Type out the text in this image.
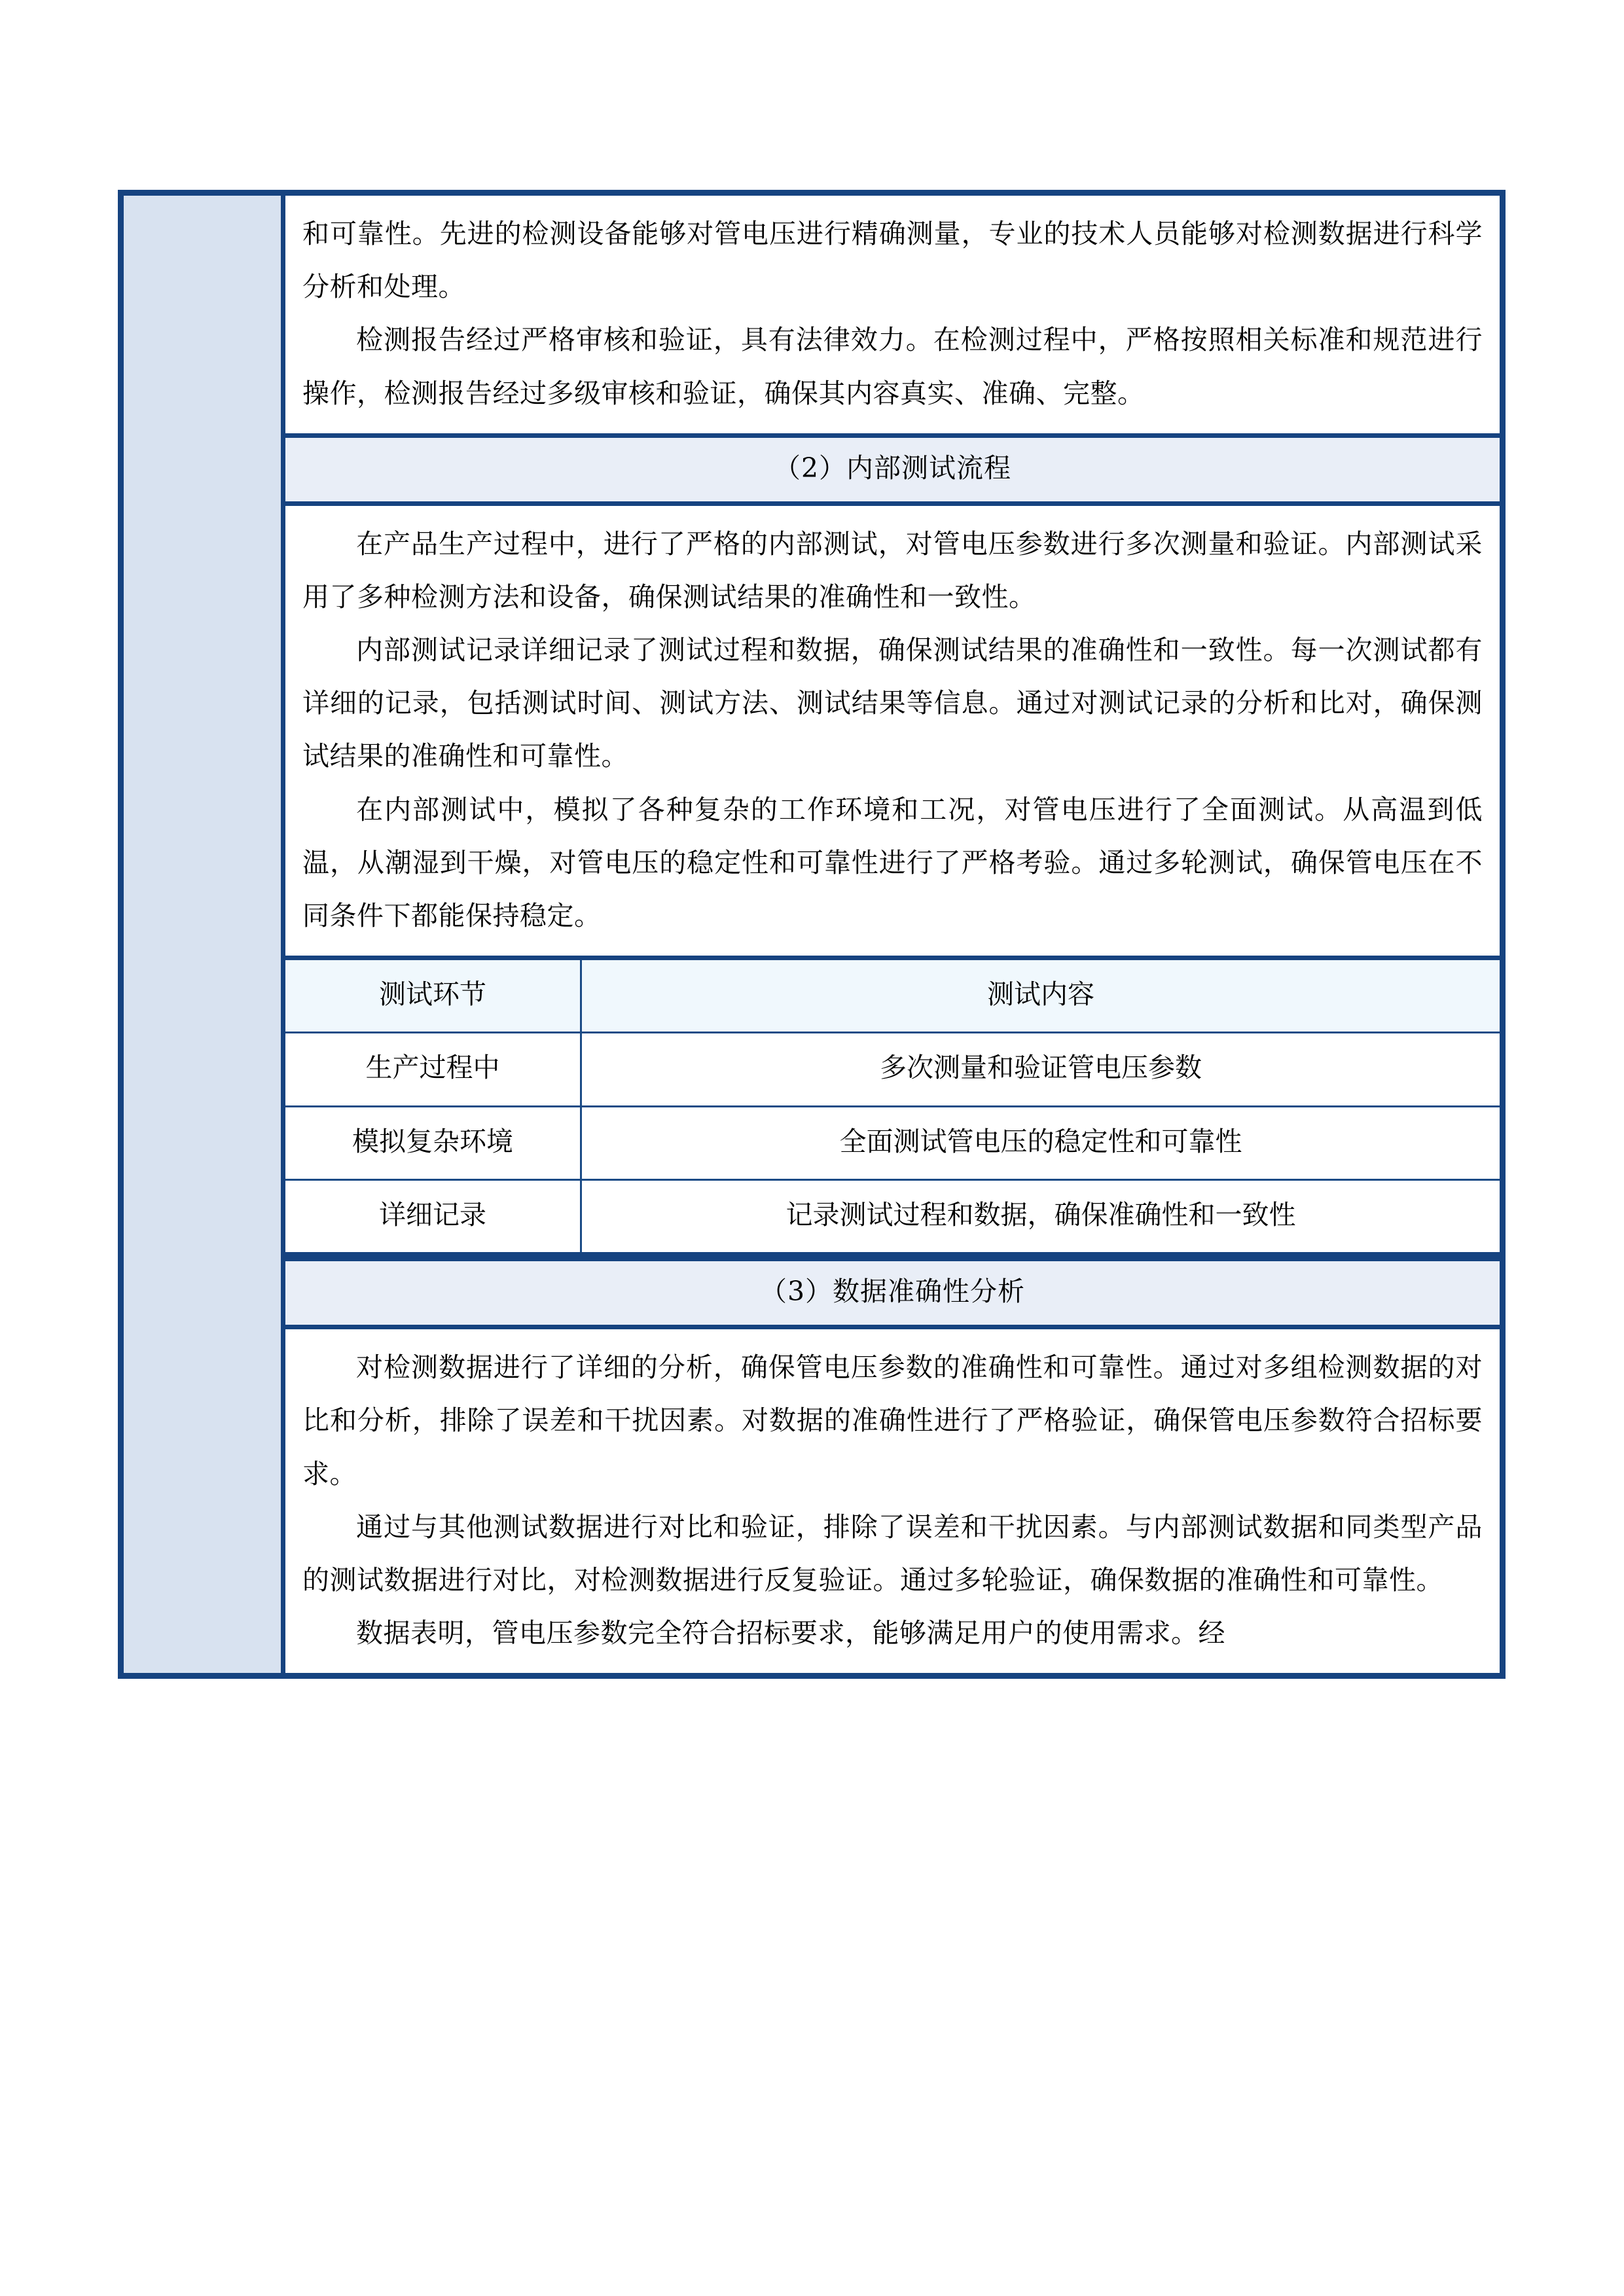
和可靠性。先进的检测设备能够对管电压进行精确测量，专业的技术人员能够对检测数据进行科学分析和处理。

检测报告经过严格审核和验证，具有法律效力。在检测过程中，严格按照相关标准和规范进行操作，检测报告经过多级审核和验证，确保其内容真实、准确、完整。

（2）内部测试流程

在产品生产过程中，进行了严格的内部测试，对管电压参数进行多次测量和验证。内部测试采用了多种检测方法和设备，确保测试结果的准确性和一致性。

内部测试记录详细记录了测试过程和数据，确保测试结果的准确性和一致性。每一次测试都有详细的记录，包括测试时间、测试方法、测试结果等信息。通过对测试记录的分析和比对，确保测试结果的准确性和可靠性。

在内部测试中，模拟了各种复杂的工作环境和工况，对管电压进行了全面测试。从高温到低温，从潮湿到干燥，对管电压的稳定性和可靠性进行了严格考验。通过多轮测试，确保管电压在不同条件下都能保持稳定。

测试环节	测试内容
生产过程中	多次测量和验证管电压参数
模拟复杂环境	全面测试管电压的稳定性和可靠性
详细记录	记录测试过程和数据，确保准确性和一致性
（3）数据准确性分析

对检测数据进行了详细的分析，确保管电压参数的准确性和可靠性。通过对多组检测数据的对比和分析，排除了误差和干扰因素。对数据的准确性进行了严格验证，确保管电压参数符合招标要求。

通过与其他测试数据进行对比和验证，排除了误差和干扰因素。与内部测试数据和同类型产品的测试数据进行对比，对检测数据进行反复验证。通过多轮验证，确保数据的准确性和可靠性。

数据表明，管电压参数完全符合招标要求，能够满足用户的使用需求。经
